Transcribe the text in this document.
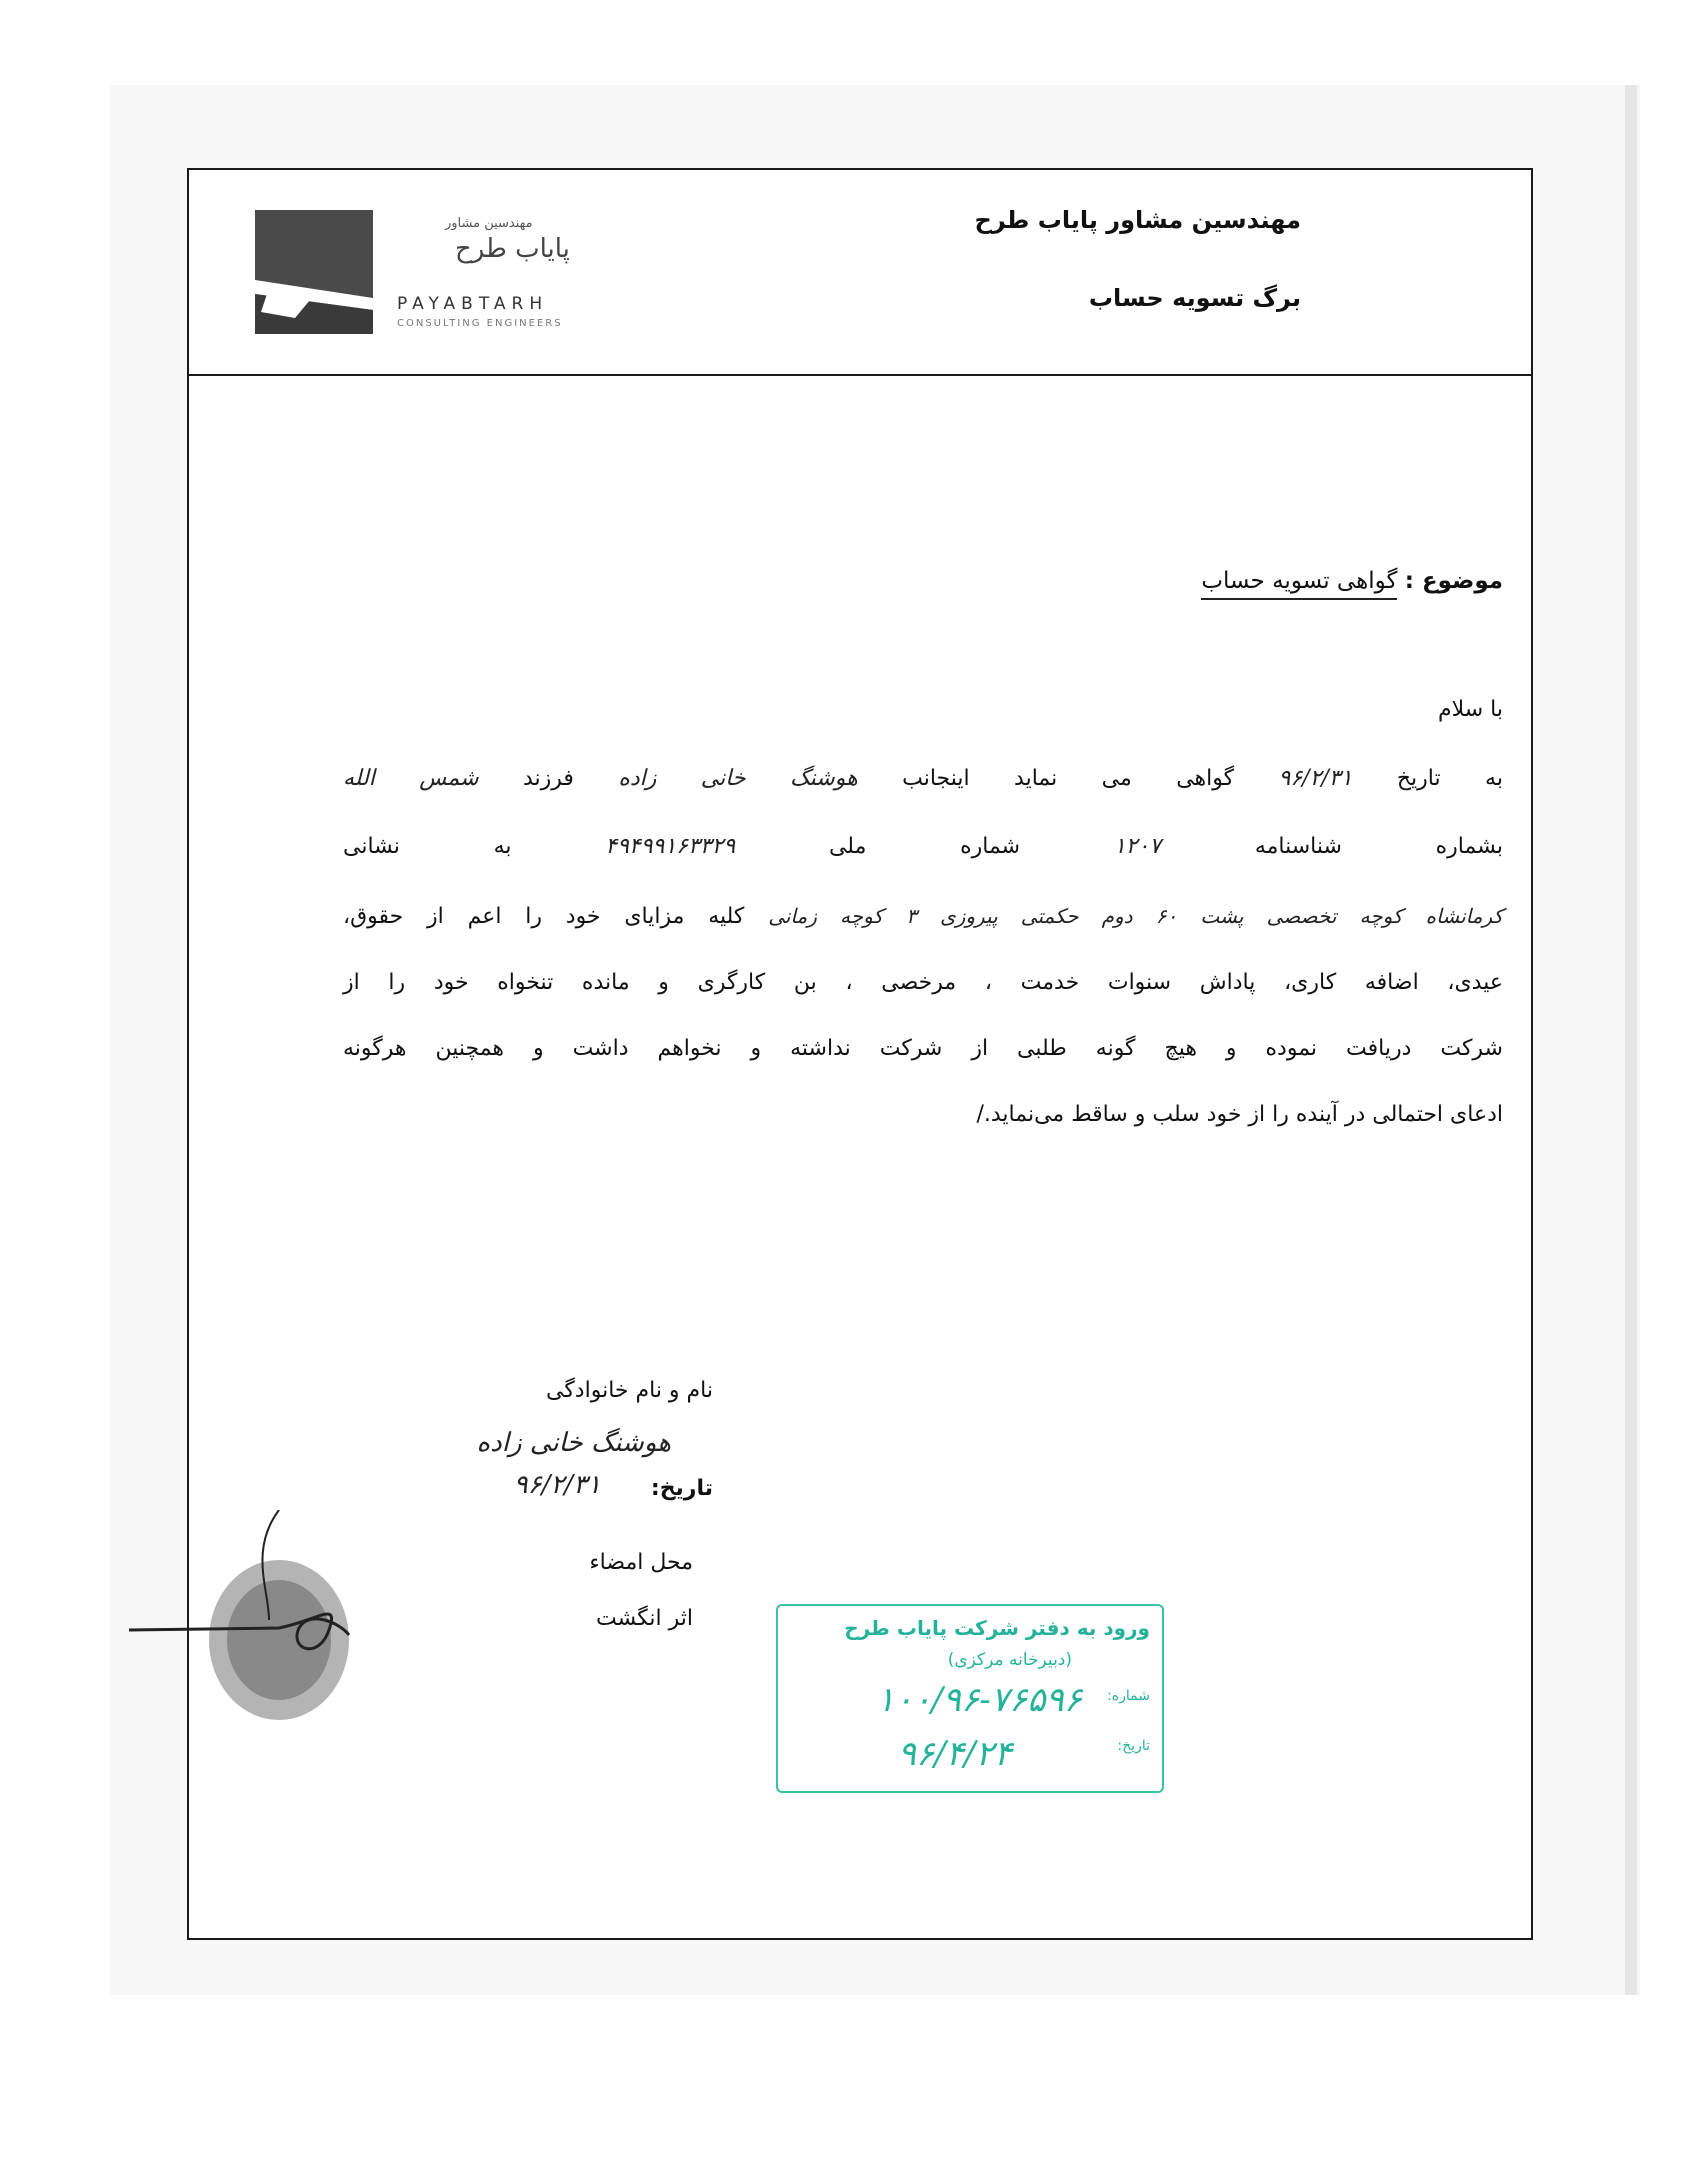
مهندسین مشاور پایاب طرح
برگ تسویه حساب
مهندسین مشاور
پایاب طرح
PAYABTARH
CONSULTING ENGINEERS
موضوع : گواهی تسویه حساب
با سلام
به تاریخ ۹۶/۲/۳۱ گواهی می نماید اینجانب هوشنگ خانی زاده فرزند شمس الله
بشماره شناسنامه ۱۲۰۷ شماره ملی ۴۹۴۹۹۱۶۳۳۲۹ به نشانی
کرمانشاه کوچه تخصصی پشت ۶۰ دوم حکمتی پیروزی ۳ کوچه زمانی کلیه مزایای خود را اعم از حقوق،
عیدی، اضافه کاری، پاداش سنوات خدمت ، مرخصی ، بن کارگری و مانده تنخواه خود را از
شرکت دریافت نموده و هیچ گونه طلبی از شرکت نداشته و نخواهم داشت و همچنین هرگونه
ادعای احتمالی در آینده را از خود سلب و ساقط می‌نماید./
نام و نام خانوادگی
هوشنگ خانی زاده
تاریخ:
۹۶/۲/۳۱
محل امضاء
اثر انگشت	ورود به دفتر شرکت پایاب طرح
(دبیرخانه مرکزی)
شماره:
۱۰۰/۹۶-۷۶۵۹۶
تاریخ:
۹۶/۴/۲۴
